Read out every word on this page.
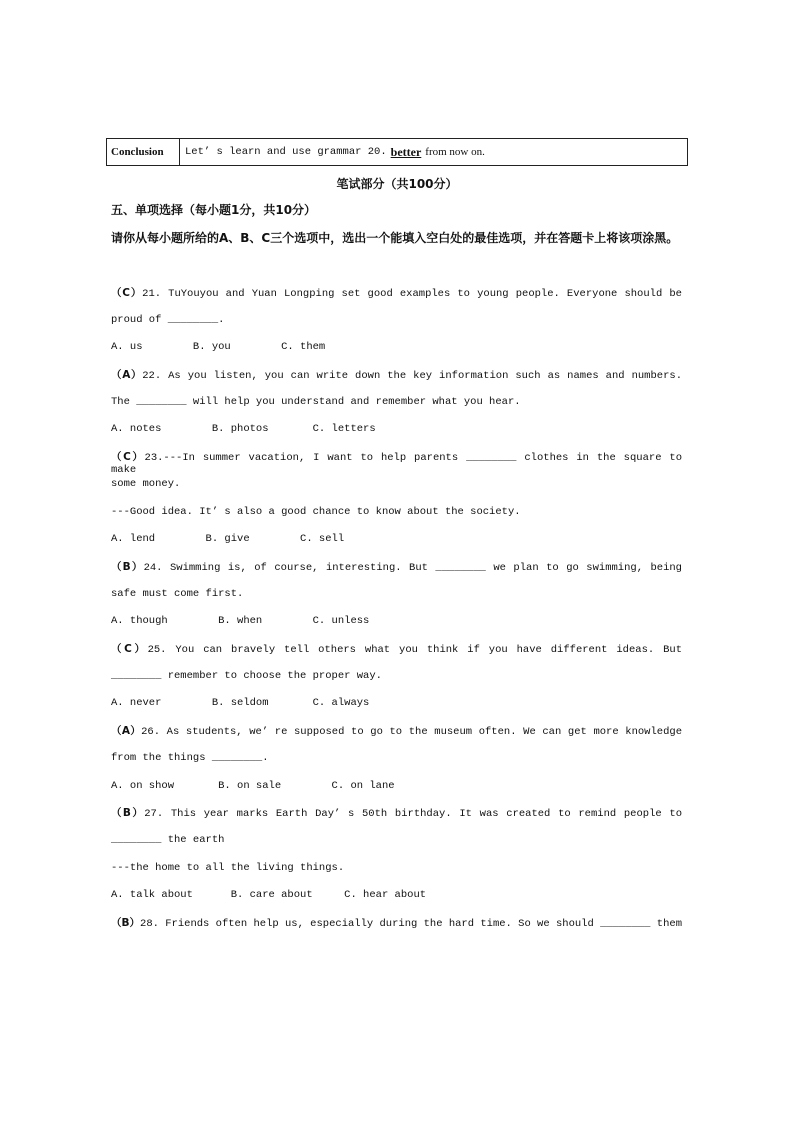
Conclusion	Let’ s learn and use grammar 20. better from now on.
笔试部分（共100分）
五、单项选择（每小题1分，共10分）
请你从每小题所给的A、B、C三个选项中，选出一个能填入空白处的最佳选项，并在答题卡上将该项涂黑。
（C）21. TuYouyou and Yuan Longping set good examples to young people. Everyone should be
proud of ________.
A. us        B. you        C. them
（A）22. As you listen, you can write down the key information such as names and numbers.
The ________ will help you understand and remember what you hear.
A. notes        B. photos       C. letters
（C）23.---In summer vacation, I want to help parents ________ clothes in the square to make
some money.
---Good idea. It’ s also a good chance to know about the society.
A. lend        B. give        C. sell
（B）24. Swimming is, of course, interesting. But ________ we plan to go swimming, being
safe must come first.
A. though        B. when        C. unless
（C）25. You can bravely tell others what you think if you have different ideas. But
________ remember to choose the proper way.
A. never        B. seldom       C. always
（A）26. As students, we’ re supposed to go to the museum often. We can get more knowledge
from the things ________.
A. on show       B. on sale        C. on lane
（B）27. This year marks Earth Day’ s 50th birthday. It was created to remind people to
________ the earth
---the home to all the living things.
A. talk about      B. care about     C. hear about
（B）28. Friends often help us, especially during the hard time. So we should ________ them
